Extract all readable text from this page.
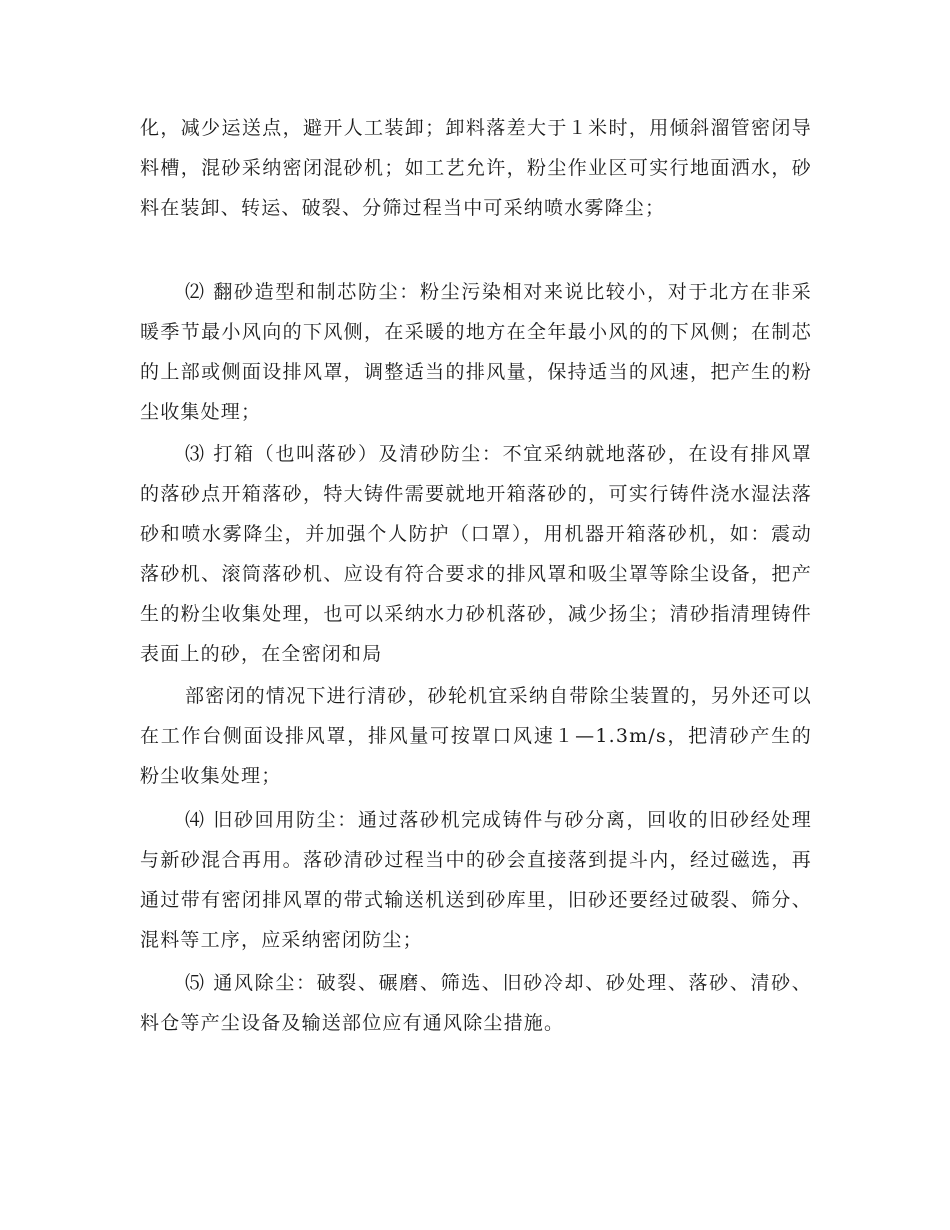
化，减少运送点，避开人工装卸；卸料落差大于１米时，用倾斜溜管密闭导料槽，混砂采纳密闭混砂机；如工艺允许，粉尘作业区可实行地面洒水，砂料在装卸、转运、破裂、分筛过程当中可采纳喷水雾降尘；

⑵ 翻砂造型和制芯防尘：粉尘污染相对来说比较小，对于北方在非采暖季节最小风向的下风侧，在采暖的地方在全年最小风的的下风侧；在制芯的上部或侧面设排风罩，调整适当的排风量，保持适当的风速，把产生的粉尘收集处理；

⑶ 打箱（也叫落砂）及清砂防尘：不宜采纳就地落砂，在设有排风罩的落砂点开箱落砂，特大铸件需要就地开箱落砂的，可实行铸件浇水湿法落砂和喷水雾降尘，并加强个人防护（口罩），用机器开箱落砂机，如：震动落砂机、滚筒落砂机、应设有符合要求的排风罩和吸尘罩等除尘设备，把产生的粉尘收集处理，也可以采纳水力砂机落砂，减少扬尘；清砂指清理铸件表面上的砂，在全密闭和局

部密闭的情况下进行清砂，砂轮机宜采纳自带除尘装置的，另外还可以在工作台侧面设排风罩，排风量可按罩口风速１—1.3m/s，把清砂产生的粉尘收集处理；

⑷ 旧砂回用防尘：通过落砂机完成铸件与砂分离，回收的旧砂经处理与新砂混合再用。落砂清砂过程当中的砂会直接落到提斗内，经过磁选，再通过带有密闭排风罩的带式输送机送到砂库里，旧砂还要经过破裂、筛分、混料等工序，应采纳密闭防尘；

⑸ 通风除尘：破裂、碾磨、筛选、旧砂冷却、砂处理、落砂、清砂、料仓等产尘设备及输送部位应有通风除尘措施。
